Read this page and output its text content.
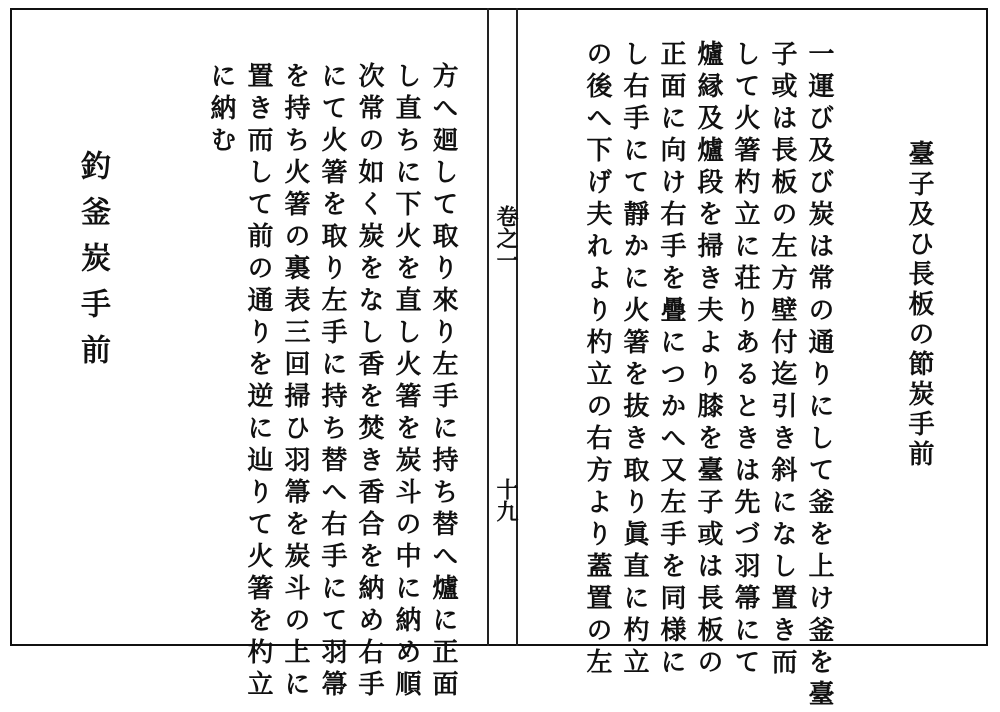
臺子及ひ長板の節炭手前
一運び及び炭は常の通りにして釜を上け釜を臺
子或は長板の左方壁付迄引き斜になし置き而
して火箸杓立に荘りあるときは先づ羽箒にて
爐縁及爐段を掃き夫より膝を臺子或は長板の
正面に向け右手を疊につかへ又左手を同様に
し右手にて靜かに火箸を抜き取り眞直に杓立
の後へ下げ夫れより杓立の右方より蓋置の左
卷之一
十九
方へ廻して取り來り左手に持ち替へ爐に正面
し直ちに下火を直し火箸を炭斗の中に納め順
次常の如く炭をなし香を焚き香合を納め右手
にて火箸を取り左手に持ち替へ右手にて羽箒
を持ち火箸の裏表三回掃ひ羽箒を炭斗の上に
置き而して前の通りを逆に辿りて火箸を杓立
に納む
釣釜炭手前
